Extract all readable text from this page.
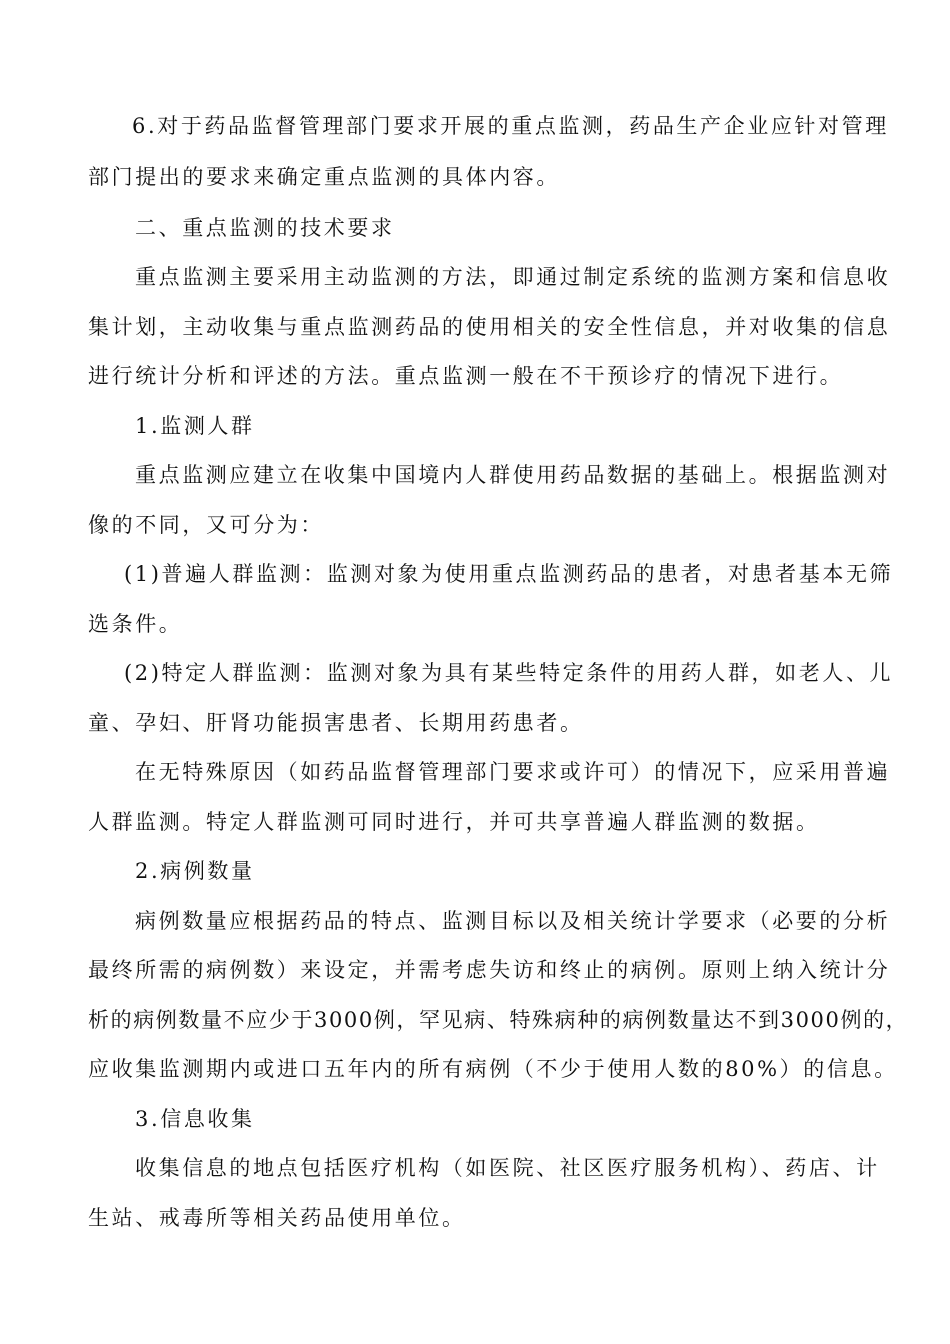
6.对于药品监督管理部门要求开展的重点监测，药品生产企业应针对管理
部门提出的要求来确定重点监测的具体内容。
二、重点监测的技术要求
重点监测主要采用主动监测的方法，即通过制定系统的监测方案和信息收
集计划，主动收集与重点监测药品的使用相关的安全性信息，并对收集的信息
进行统计分析和评述的方法。重点监测一般在不干预诊疗的情况下进行。
1.监测人群
重点监测应建立在收集中国境内人群使用药品数据的基础上。根据监测对
像的不同，又可分为：
(1)普遍人群监测：监测对象为使用重点监测药品的患者，对患者基本无筛
选条件。
(2)特定人群监测：监测对象为具有某些特定条件的用药人群，如老人、儿
童、孕妇、肝肾功能损害患者、长期用药患者。
在无特殊原因（如药品监督管理部门要求或许可）的情况下，应采用普遍
人群监测。特定人群监测可同时进行，并可共享普遍人群监测的数据。
2.病例数量
病例数量应根据药品的特点、监测目标以及相关统计学要求（必要的分析
最终所需的病例数）来设定，并需考虑失访和终止的病例。原则上纳入统计分
析的病例数量不应少于3000例，罕见病、特殊病种的病例数量达不到3000例的，
应收集监测期内或进口五年内的所有病例（不少于使用人数的80%）的信息。
3.信息收集
收集信息的地点包括医疗机构（如医院、社区医疗服务机构）、药店、计
生站、戒毒所等相关药品使用单位。
